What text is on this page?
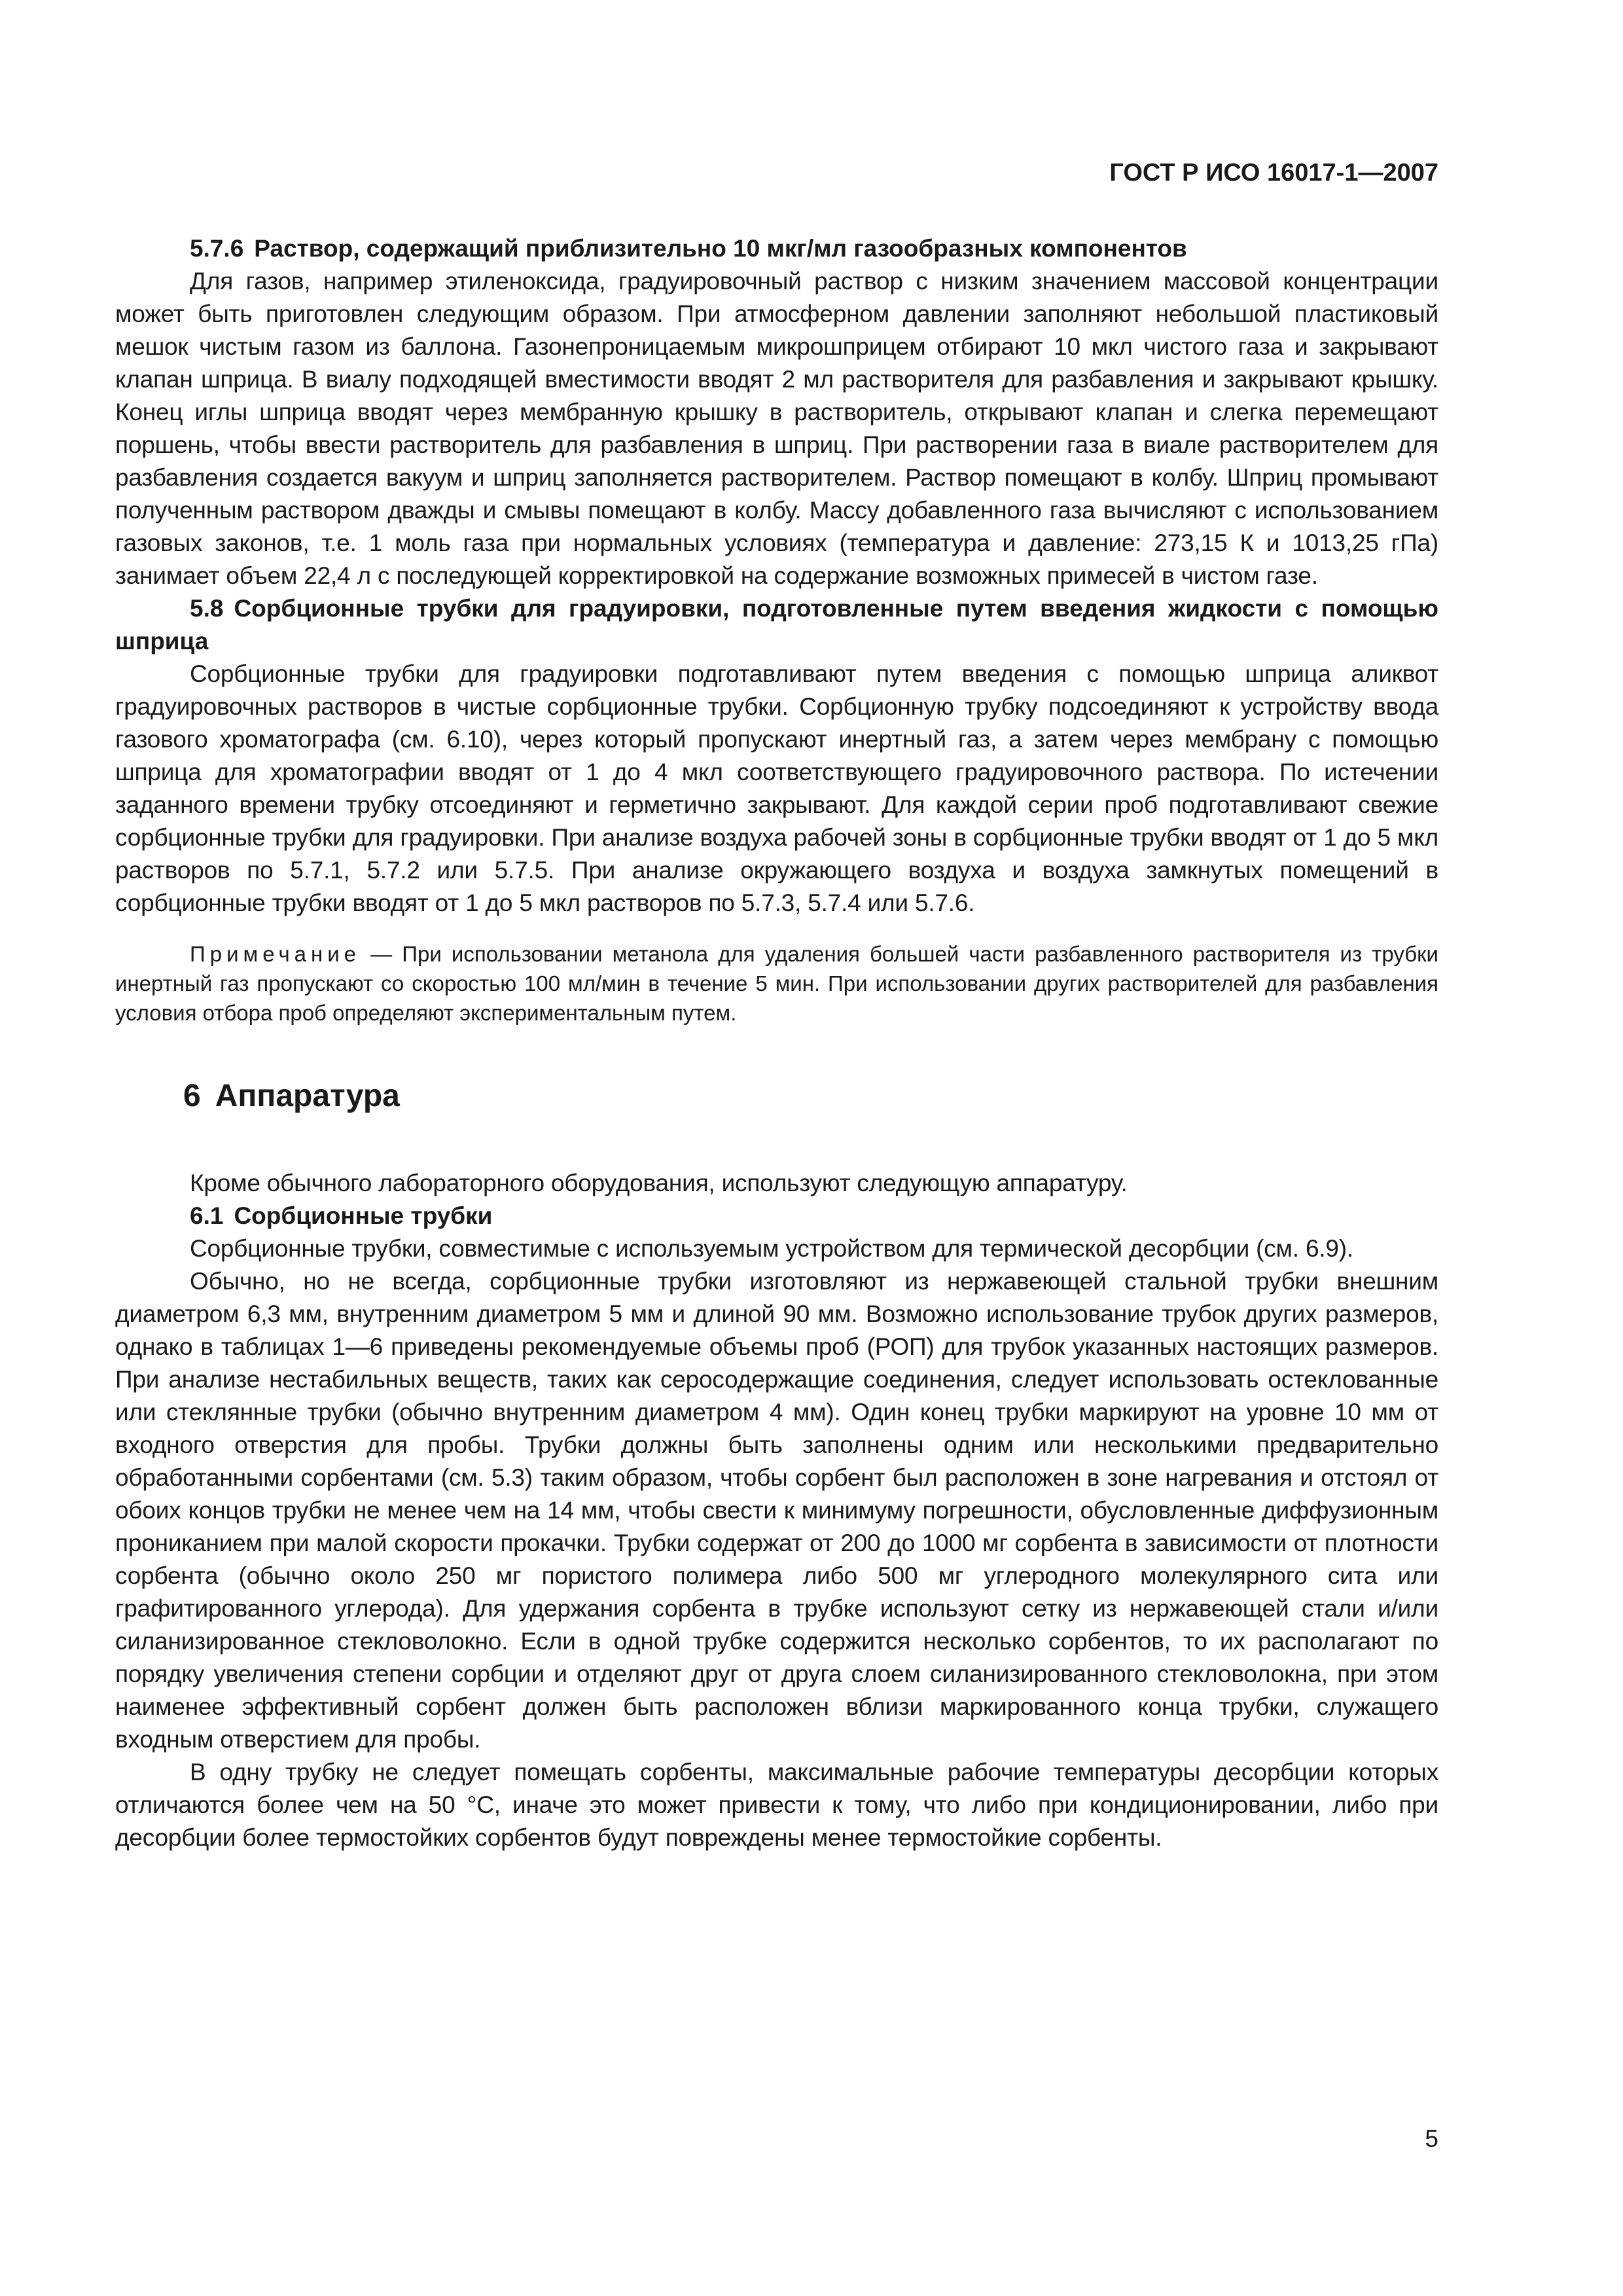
ГОСТ Р ИСО 16017-1—2007
5.7.6 Раствор, содержащий приблизительно 10 мкг/мл газообразных компонентов

Для газов, например этиленоксида, градуировочный раствор с низким значением массовой концентрации может быть приготовлен следующим образом. При атмосферном давлении заполняют небольшой пластиковый мешок чистым газом из баллона. Газонепроницаемым микрошприцем отбирают 10 мкл чистого газа и закрывают клапан шприца. В виалу подходящей вместимости вводят 2 мл растворителя для разбавления и закрывают крышку. Конец иглы шприца вводят через мембранную крышку в растворитель, открывают клапан и слегка перемещают поршень, чтобы ввести растворитель для разбавления в шприц. При растворении газа в виале растворителем для разбавления создается вакуум и шприц заполняется растворителем. Раствор помещают в колбу. Шприц промывают полученным раствором дважды и смывы помещают в колбу. Массу добавленного газа вычисляют с использованием газовых законов, т.е. 1 моль газа при нормальных условиях (температура и давление: 273,15 К и 1013,25 гПа) занимает объем 22,4 л с последующей корректировкой на содержание возможных примесей в чистом газе.

5.8 Сорбционные трубки для градуировки, подготовленные путем введения жидкости с помощью шприца

Сорбционные трубки для градуировки подготавливают путем введения с помощью шприца аликвот градуировочных растворов в чистые сорбционные трубки. Сорбционную трубку подсоединяют к устройству ввода газового хроматографа (см. 6.10), через который пропускают инертный газ, а затем через мембрану с помощью шприца для хроматографии вводят от 1 до 4 мкл соответствующего градуировочного раствора. По истечении заданного времени трубку отсоединяют и герметично закрывают. Для каждой серии проб подготавливают свежие сорбционные трубки для градуировки. При анализе воздуха рабочей зоны в сорбционные трубки вводят от 1 до 5 мкл растворов по 5.7.1, 5.7.2 или 5.7.5. При анализе окружающего воздуха и воздуха замкнутых помещений в сорбционные трубки вводят от 1 до 5 мкл растворов по 5.7.3, 5.7.4 или 5.7.6.

Примечание — При использовании метанола для удаления большей части разбавленного растворителя из трубки инертный газ пропускают со скоростью 100 мл/мин в течение 5 мин. При использовании других растворителей для разбавления условия отбора проб определяют экспериментальным путем.

6 Аппаратура

Кроме обычного лабораторного оборудования, используют следующую аппаратуру.

6.1 Сорбционные трубки

Сорбционные трубки, совместимые с используемым устройством для термической десорбции (см. 6.9).

Обычно, но не всегда, сорбционные трубки изготовляют из нержавеющей стальной трубки внешним диаметром 6,3 мм, внутренним диаметром 5 мм и длиной 90 мм. Возможно использование трубок других размеров, однако в таблицах 1—6 приведены рекомендуемые объемы проб (РОП) для трубок указанных настоящих размеров. При анализе нестабильных веществ, таких как серосодержащие соединения, следует использовать остеклованные или стеклянные трубки (обычно внутренним диаметром 4 мм). Один конец трубки маркируют на уровне 10 мм от входного отверстия для пробы. Трубки должны быть заполнены одним или несколькими предварительно обработанными сорбентами (см. 5.3) таким образом, чтобы сорбент был расположен в зоне нагревания и отстоял от обоих концов трубки не менее чем на 14 мм, чтобы свести к минимуму погрешности, обусловленные диффузионным прониканием при малой скорости прокачки. Трубки содержат от 200 до 1000 мг сорбента в зависимости от плотности сорбента (обычно около 250 мг пористого полимера либо 500 мг углеродного молекулярного сита или графитированного углерода). Для удержания сорбента в трубке используют сетку из нержавеющей стали и/или силанизированное стекловолокно. Если в одной трубке содержится несколько сорбентов, то их располагают по порядку увеличения степени сорбции и отделяют друг от друга слоем силанизированного стекловолокна, при этом наименее эффективный сорбент должен быть расположен вблизи маркированного конца трубки, служащего входным отверстием для пробы.

В одну трубку не следует помещать сорбенты, максимальные рабочие температуры десорбции которых отличаются более чем на 50 °С, иначе это может привести к тому, что либо при кондиционировании, либо при десорбции более термостойких сорбентов будут повреждены менее термостойкие сорбенты.

5
